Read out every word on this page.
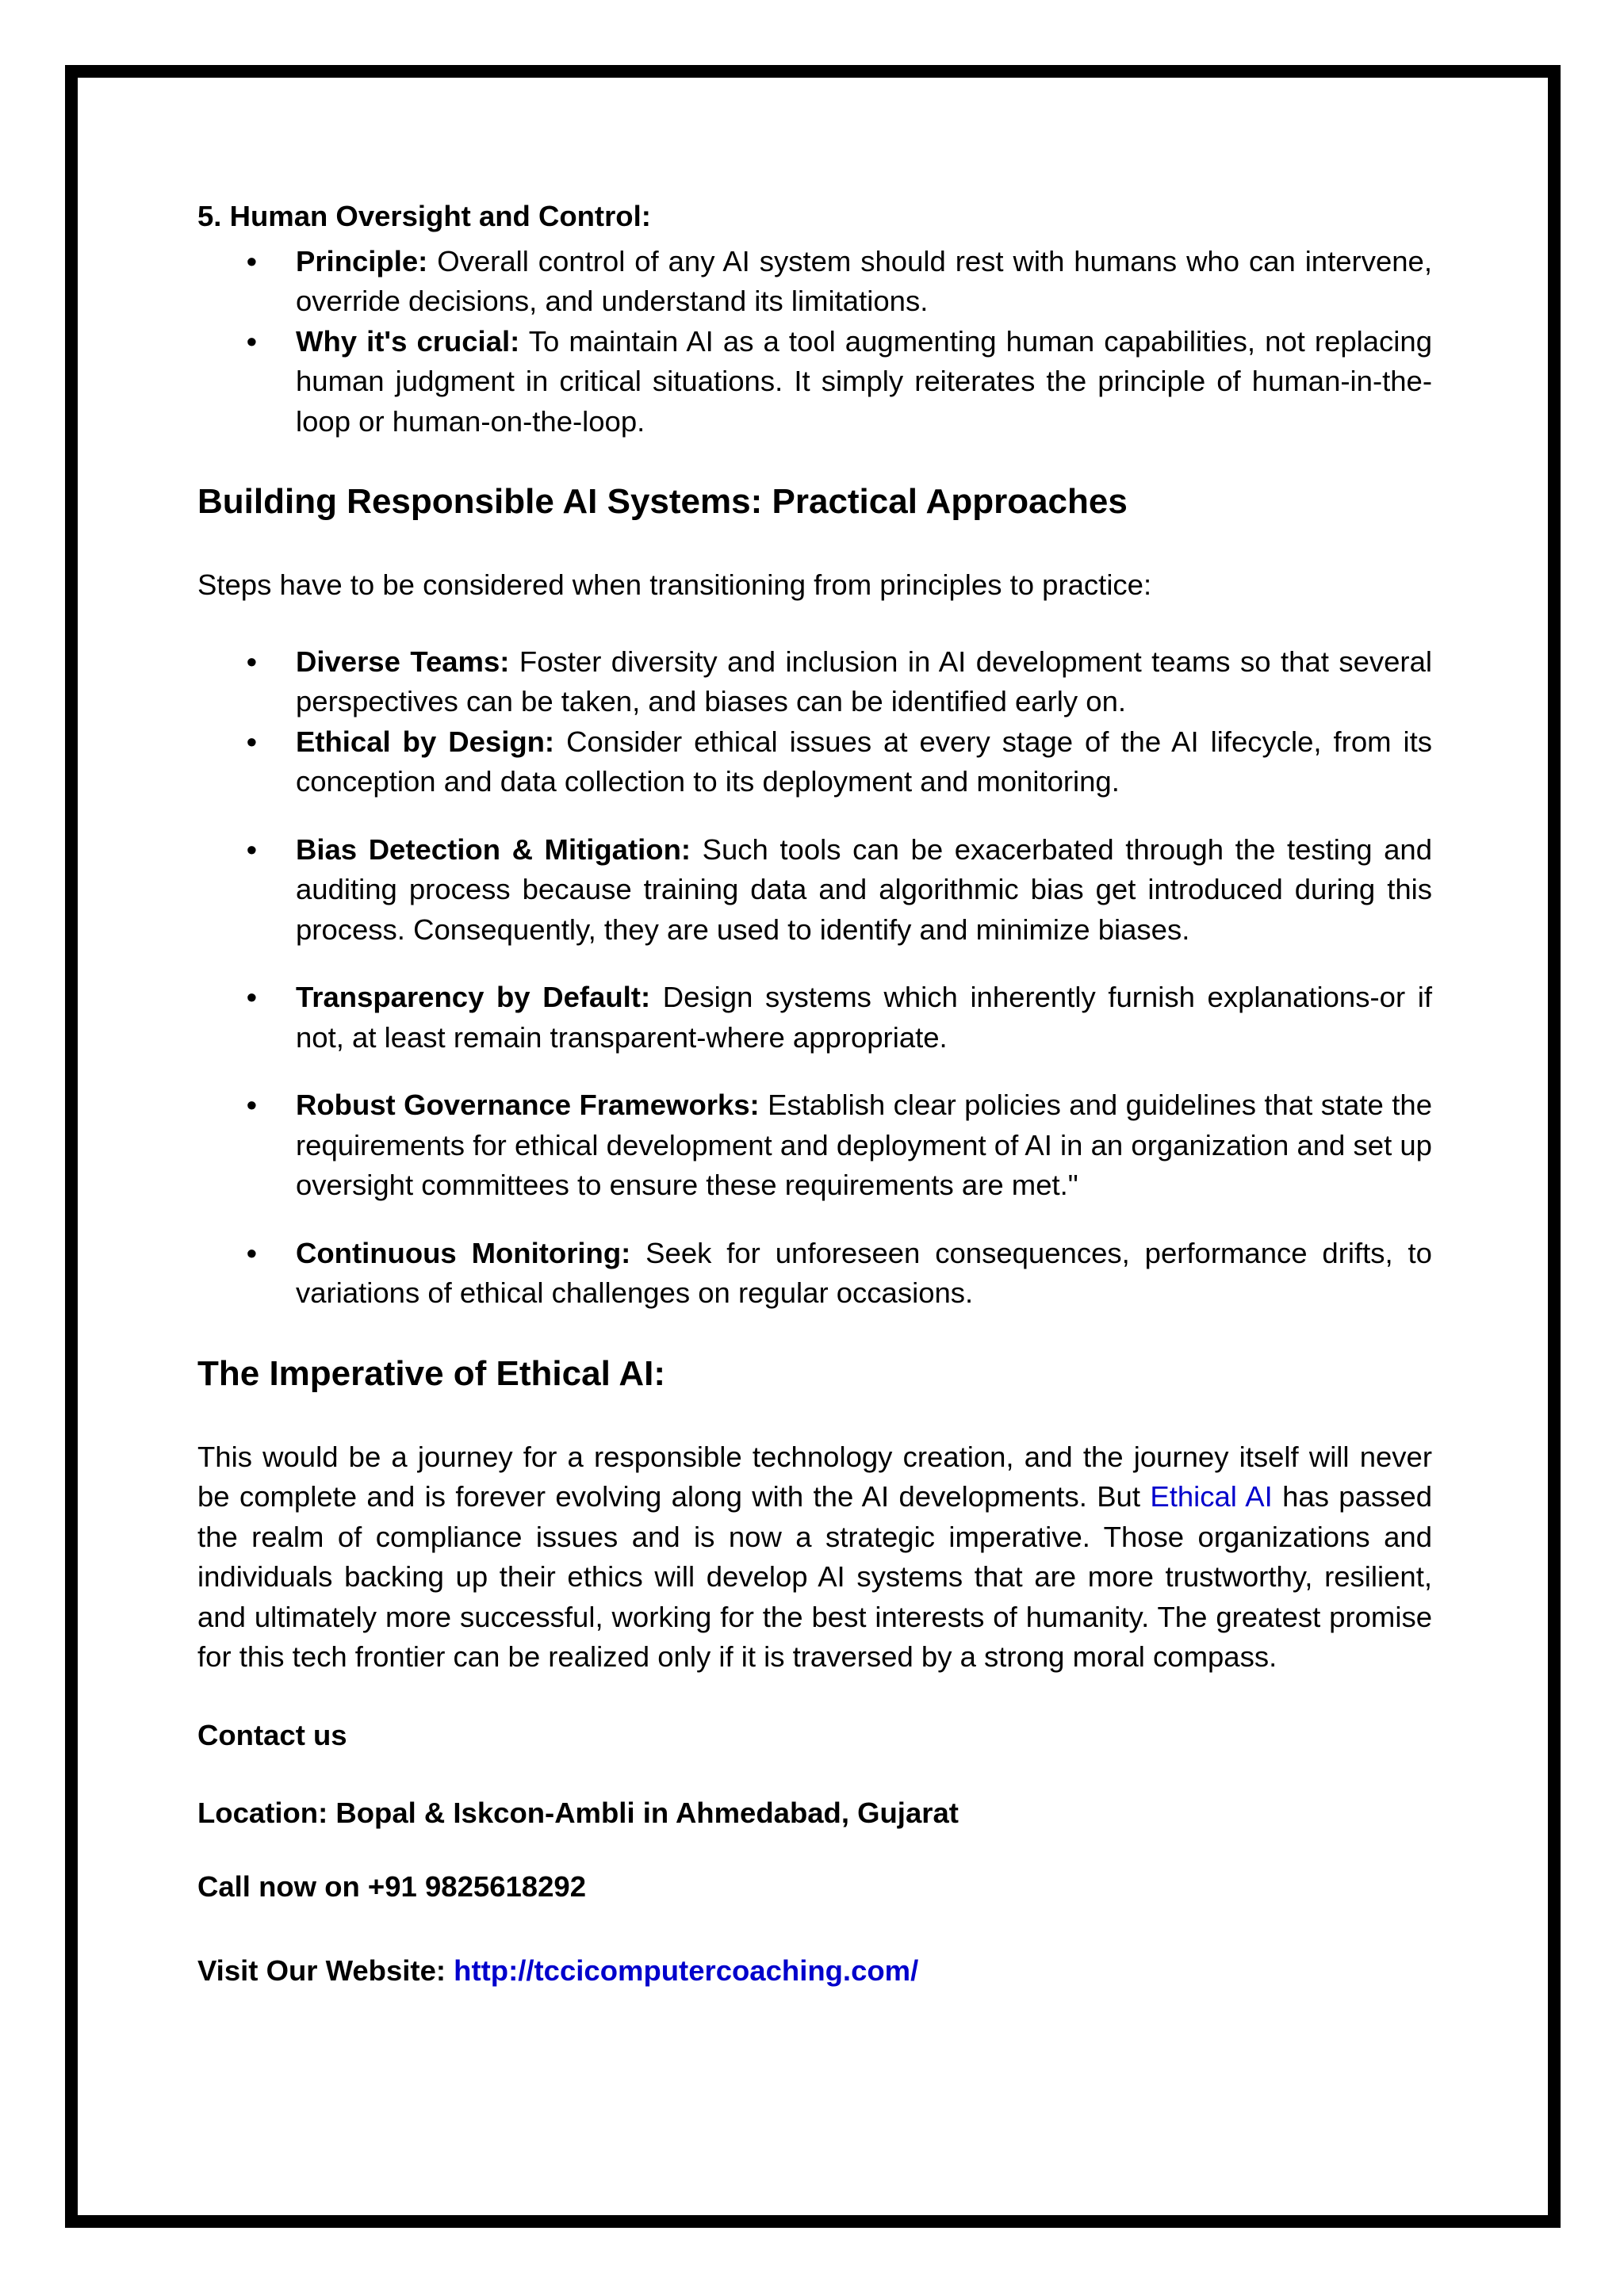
5. Human Oversight and Control:
• Principle: Overall control of any AI system should rest with humans who can intervene, override decisions, and understand its limitations.
• Why it's crucial: To maintain AI as a tool augmenting human capabilities, not replacing human judgment in critical situations. It simply reiterates the principle of human-in-the-loop or human-on-the-loop.
Building Responsible AI Systems: Practical Approaches

Steps have to be considered when transitioning from principles to practice:

• Diverse Teams: Foster diversity and inclusion in AI development teams so that several perspectives can be taken, and biases can be identified early on.
• Ethical by Design: Consider ethical issues at every stage of the AI lifecycle, from its conception and data collection to its deployment and monitoring.
• Bias Detection & Mitigation: Such tools can be exacerbated through the testing and auditing process because training data and algorithmic bias get introduced during this process. Consequently, they are used to identify and minimize biases.
• Transparency by Default: Design systems which inherently furnish explanations-or if not, at least remain transparent-where appropriate.
• Robust Governance Frameworks: Establish clear policies and guidelines that state the requirements for ethical development and deployment of AI in an organization and set up oversight committees to ensure these requirements are met."
• Continuous Monitoring: Seek for unforeseen consequences, performance drifts, to variations of ethical challenges on regular occasions.
The Imperative of Ethical AI:

This would be a journey for a responsible technology creation, and the journey itself will never be complete and is forever evolving along with the AI developments. But Ethical AI has passed the realm of compliance issues and is now a strategic imperative. Those organizations and individuals backing up their ethics will develop AI systems that are more trustworthy, resilient, and ultimately more successful, working for the best interests of humanity. The greatest promise for this tech frontier can be realized only if it is traversed by a strong moral compass.

Contact us
Location: Bopal & Iskcon-Ambli in Ahmedabad, Gujarat
Call now on +91 9825618292
Visit Our Website: http://tccicomputercoaching.com/
